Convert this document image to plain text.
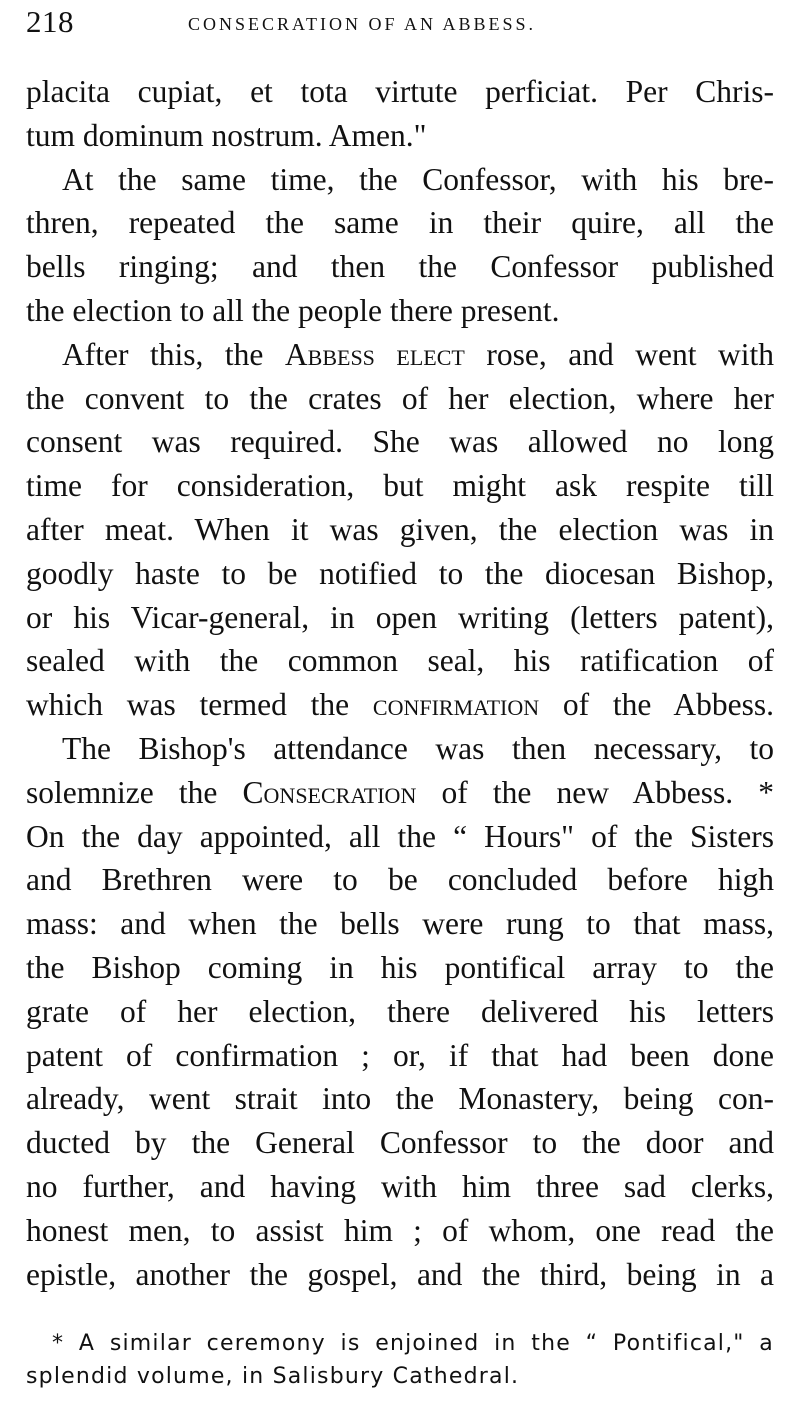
218	CONSECRATION OF AN ABBESS.
placita cupiat, et tota virtute perficiat. Per Chris-
tum dominum nostrum. Amen."
At the same time, the Confessor, with his bre-
thren, repeated the same in their quire, all the
bells ringing; and then the Confessor published
the election to all the people there present.
After this, the Abbess elect rose, and went with
the convent to the crates of her election, where her
consent was required. She was allowed no long
time for consideration, but might ask respite till
after meat. When it was given, the election was in
goodly haste to be notified to the diocesan Bishop,
or his Vicar-general, in open writing (letters patent),
sealed with the common seal, his ratification of
which was termed the confirmation of the Abbess.
The Bishop's attendance was then necessary, to
solemnize the Consecration of the new Abbess. *
On the day appointed, all the “ Hours" of the Sisters
and Brethren were to be concluded before high
mass: and when the bells were rung to that mass,
the Bishop coming in his pontifical array to the
grate of her election, there delivered his letters
patent of confirmation ; or, if that had been done
already, went strait into the Monastery, being con-
ducted by the General Confessor to the door and
no further, and having with him three sad clerks,
honest men, to assist him ; of whom, one read the
epistle, another the gospel, and the third, being in a
* A similar ceremony is enjoined in the “ Pontifical," a
splendid volume, in Salisbury Cathedral.
